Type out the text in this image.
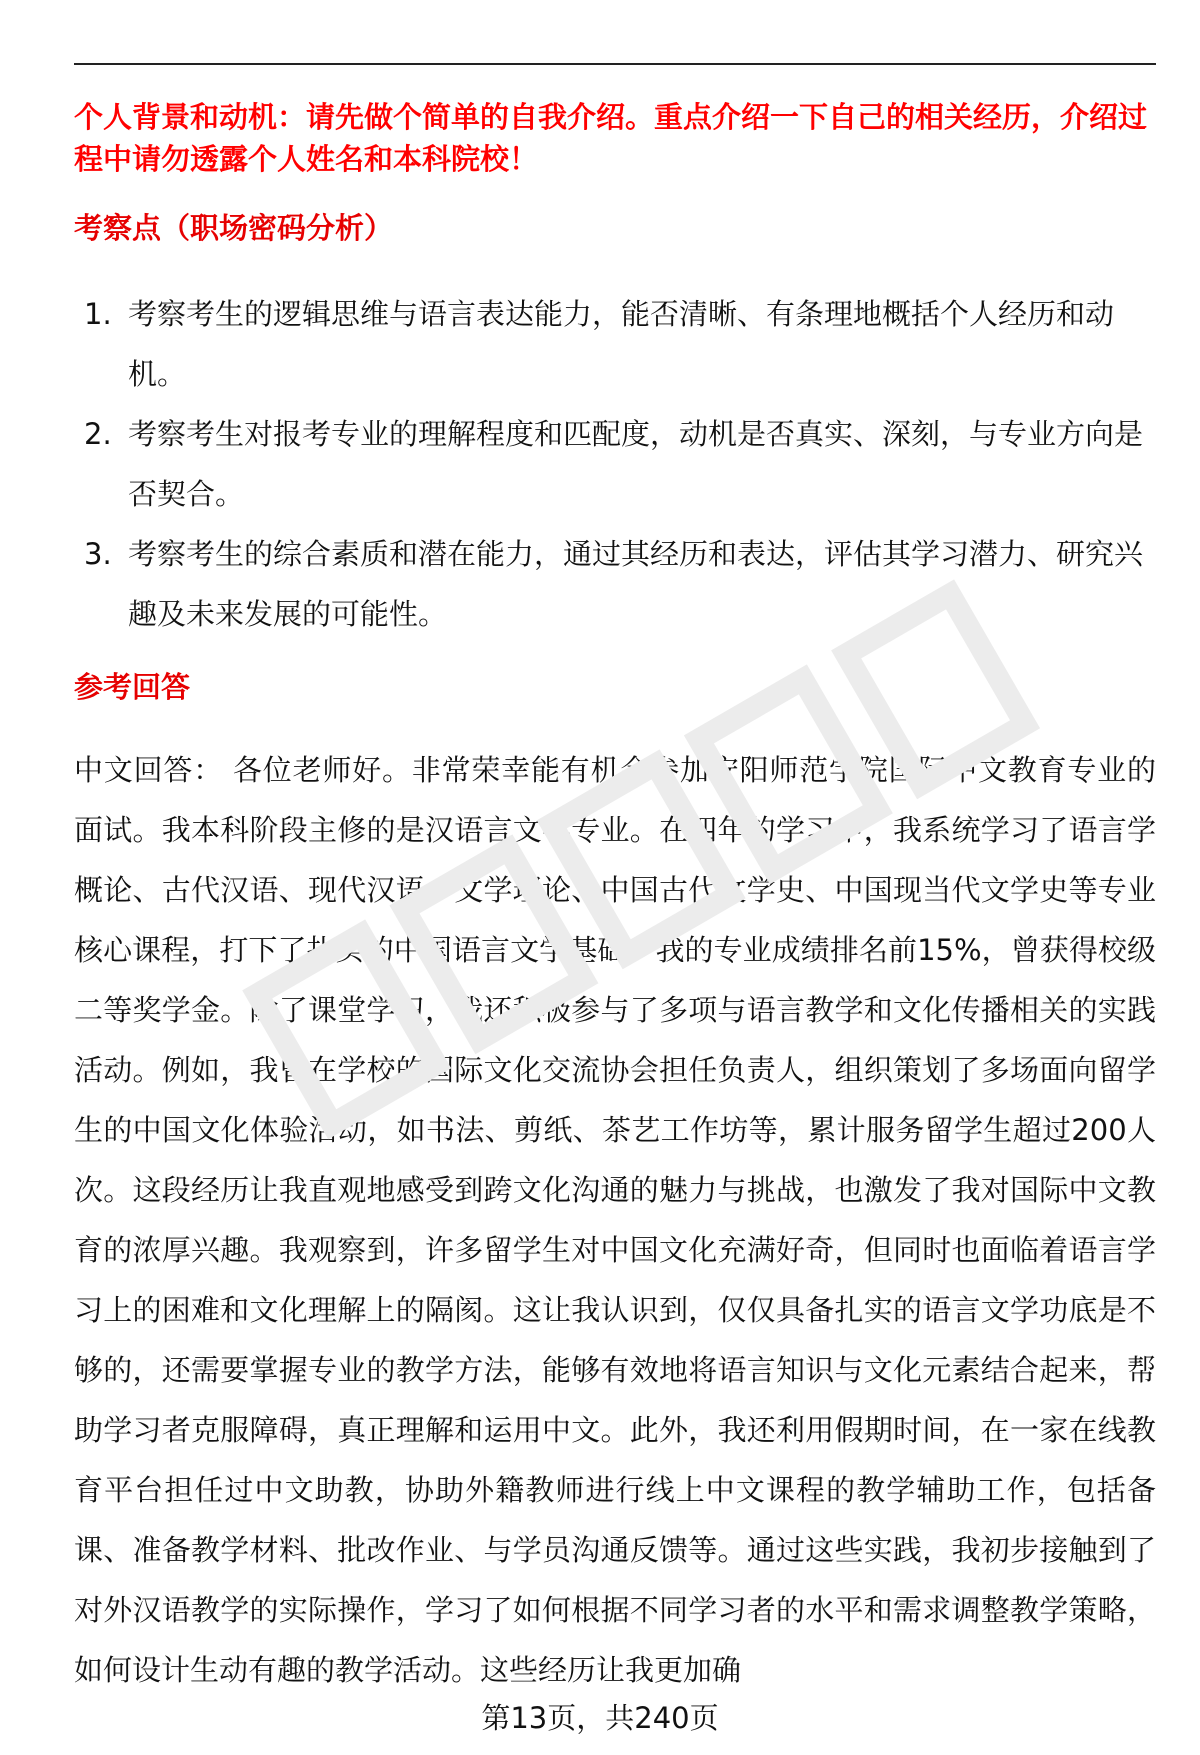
个人背景和动机：请先做个简单的自我介绍。重点介绍一下自己的相关经历，介绍过程中请勿透露个人姓名和本科院校！

考察点（职场密码分析）
1. 考察考生的逻辑思维与语言表达能力，能否清晰、有条理地概括个人经历和动机。
2. 考察考生对报考专业的理解程度和匹配度，动机是否真实、深刻，与专业方向是否契合。
3. 考察考生的综合素质和潜在能力，通过其经历和表达，评估其学习潜力、研究兴趣及未来发展的可能性。
参考回答

中文回答： 各位老师好。非常荣幸能有机会参加安阳师范学院国际中文教育专业的面试。我本科阶段主修的是汉语言文学专业。在四年的学习中，我系统学习了语言学概论、古代汉语、现代汉语、文学理论、中国古代文学史、中国现当代文学史等专业核心课程，打下了扎实的中国语言文学基础。我的专业成绩排名前15%，曾获得校级二等奖学金。除了课堂学习，我还积极参与了多项与语言教学和文化传播相关的实践活动。例如，我曾在学校的国际文化交流协会担任负责人，组织策划了多场面向留学生的中国文化体验活动，如书法、剪纸、茶艺工作坊等，累计服务留学生超过200人次。这段经历让我直观地感受到跨文化沟通的魅力与挑战，也激发了我对国际中文教育的浓厚兴趣。我观察到，许多留学生对中国文化充满好奇，但同时也面临着语言学习上的困难和文化理解上的隔阂。这让我认识到，仅仅具备扎实的语言文学功底是不够的，还需要掌握专业的教学方法，能够有效地将语言知识与文化元素结合起来，帮助学习者克服障碍，真正理解和运用中文。此外，我还利用假期时间，在一家在线教育平台担任过中文助教，协助外籍教师进行线上中文课程的教学辅助工作，包括备课、准备教学材料、批改作业、与学员沟通反馈等。通过这些实践，我初步接触到了对外汉语教学的实际操作，学习了如何根据不同学习者的水平和需求调整教学策略，如何设计生动有趣的教学活动。这些经历让我更加确

第13页，共240页
